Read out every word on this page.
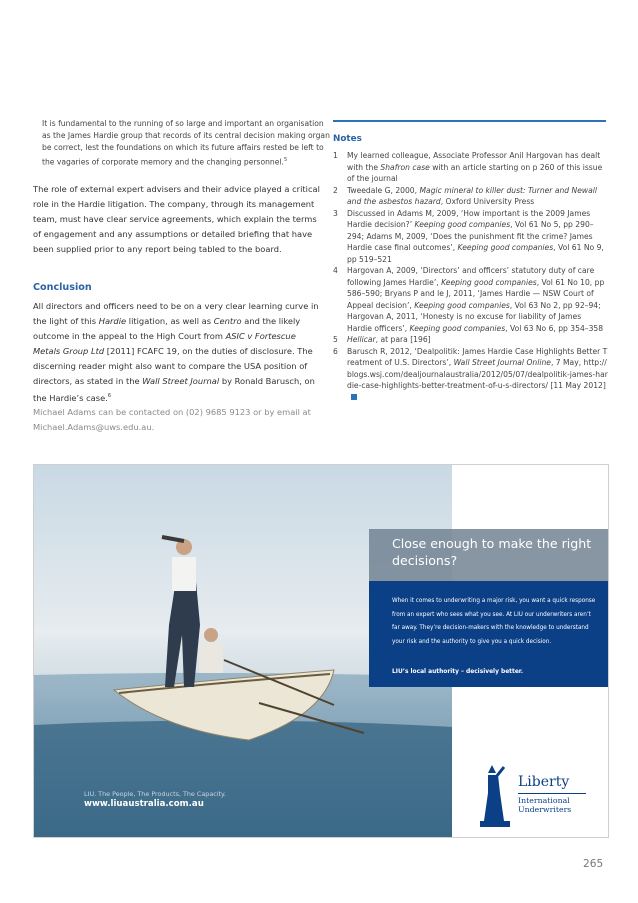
It is fundamental to the running of so large and important an organisation as the James Hardie group that records of its central decision making organ be correct, lest the foundations on which its future affairs rested be left to the vagaries of corporate memory and the changing personnel.$^5$
The role of external expert advisers and their advice played a critical role in the Hardie litigation. The company, through its management team, must have clear service agreements, which explain the terms of engagement and any assumptions or detailed briefing that have been supplied prior to any report being tabled to the board.
Conclusion
All directors and officers need to be on a very clear learning curve in the light of this Hardie litigation, as well as Centro and the likely outcome in the appeal to the High Court from ASIC v Fortescue Metals Group Ltd [2011] FCAFC 19, on the duties of disclosure. The discerning reader might also want to compare the USA position of directors, as stated in the Wall Street Journal by Ronald Barusch, on the Hardie’s case.$^6$
Michael Adams can be contacted on (02) 9685 9123 or by email at Michael.Adams@uws.edu.au.
Notes
1	My learned colleague, Associate Professor Anil Hargovan has dealt with the Shafron case with an article starting on p 260 of this issue of the journal
2	Tweedale G, 2000, Magic mineral to killer dust: Turner and Newall and the asbestos hazard, Oxford University Press
3	Discussed in Adams M, 2009, ‘How important is the 2009 James Hardie decision?’ Keeping good companies, Vol 61 No 5, pp 290–294; Adams M, 2009, ‘Does the punishment fit the crime? James Hardie case final outcomes’, Keeping good companies, Vol 61 No 9, pp 519–521
4	Hargovan A, 2009, ‘Directors’ and officers’ statutory duty of care following James Hardie’, Keeping good companies, Vol 61 No 10, pp 586–590; Bryans P and le J, 2011, ‘James Hardie — NSW Court of Appeal decision’, Keeping good companies, Vol 63 No 2, pp 92–94; Hargovan A, 2011, ‘Honesty is no excuse for liability of James Hardie officers’, Keeping good companies, Vol 63 No 6, pp 354–358
5	Hellicar, at para [196]
6	Barusch R, 2012, ‘Dealpolitik: James Hardie Case Highlights Better Treatment of U.S. Directors’, Wall Street Journal Online, 7 May, http://blogs.wsj.com/dealjournalaustralia/2012/05/07/dealpolitik-james-hardie-case-highlights-better-treatment-of-u-s-directors/ [11 May 2012]
Close enough to make the right decisions?
When it comes to underwriting a major risk, you want a quick response from an expert who sees what you see. At LIU our underwriters aren’t far away. They’re decision-makers with the knowledge to understand your risk and the authority to give you a quick decision.
LIU’s local authority – decisively better.
LIU. The People, The Products, The Capacity.
www.liuaustralia.com.au
Liberty
International
Underwriters
265
